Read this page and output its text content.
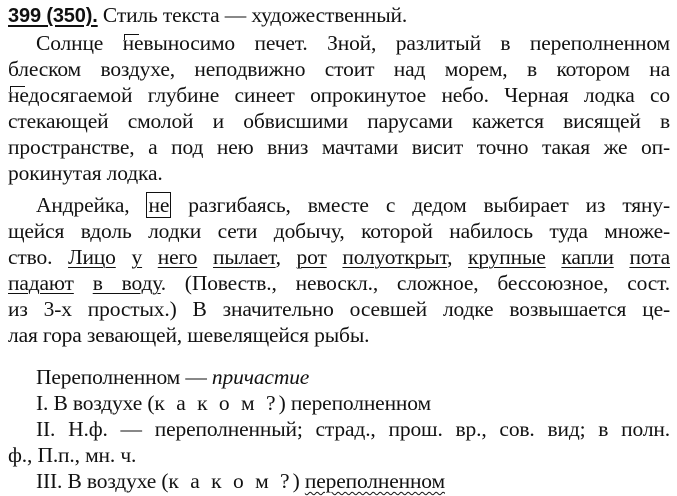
399 (350). Стиль текста — художественный.
Солнце невыносимо печет. Зной, разлитый в переполненном
блеском воздухе, неподвижно стоит над морем, в котором на
недосягаемой глубине синеет опрокинутое небо. Черная лодка со
стекающей смолой и обвисшими парусами кажется висящей в
пространстве, а под нею вниз мачтами висит точно такая же оп-
рокинутая лодка.
Андрейка, не разгибаясь, вместе с дедом выбирает из тяну-
щейся вдоль лодки сети добычу, которой набилось туда множе-
ство. Лицо у него пылает, рот полуоткрыт, крупные капли пота
падают в воду. (Повеств., невоскл., сложное, бессоюзное, сост.
из 3-х простых.) В значительно осевшей лодке возвышается це-
лая гора зевающей, шевелящейся рыбы.
Переполненном — причастие
I. В воздухе (к а к о м ?) переполненном
II. Н.ф. — переполненный; страд., прош. вр., сов. вид; в полн.
ф., П.п., мн. ч.
III. В воздухе (к а к о м ?) переполненном
